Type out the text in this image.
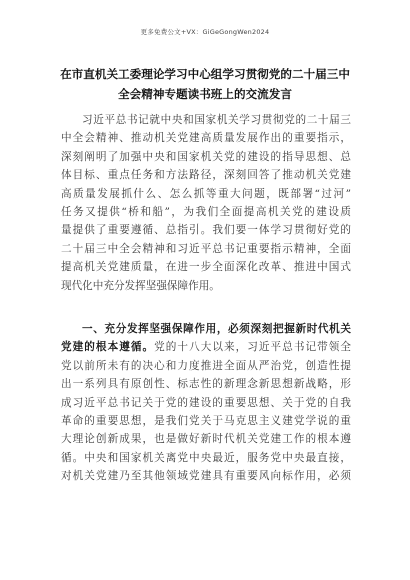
更多免费公文+VX：GiGeGongWen2024
在市直机关工委理论学习中心组学习贯彻党的二十届三中
全会精神专题读书班上的交流发言
习近平总书记就中央和国家机关学习贯彻党的二十届三
中全会精神、推动机关党建高质量发展作出的重要指示，
深刻阐明了加强中央和国家机关党的建设的指导思想、总
体目标、重点任务和方法路径，深刻回答了推动机关党建
高质量发展抓什么、怎么抓等重大问题，既部署“过河”
任务又提供“桥和船”，为我们全面提高机关党的建设质
量提供了重要遵循、总指引。我们要一体学习贯彻好党的
二十届三中全会精神和习近平总书记重要指示精神，全面
提高机关党建质量，在进一步全面深化改革、推进中国式
现代化中充分发挥坚强保障作用。
一、充分发挥坚强保障作用，必须深刻把握新时代机关
党建的根本遵循。党的十八大以来，习近平总书记带领全
党以前所未有的决心和力度推进全面从严治党，创造性提
出一系列具有原创性、标志性的新理念新思想新战略，形
成习近平总书记关于党的建设的重要思想、关于党的自我
革命的重要思想，是我们党关于马克思主义建党学说的重
大理论创新成果，也是做好新时代机关党建工作的根本遵
循。中央和国家机关离党中央最近，服务党中央最直接，
对机关党建乃至其他领域党建具有重要风向标作用，必须
